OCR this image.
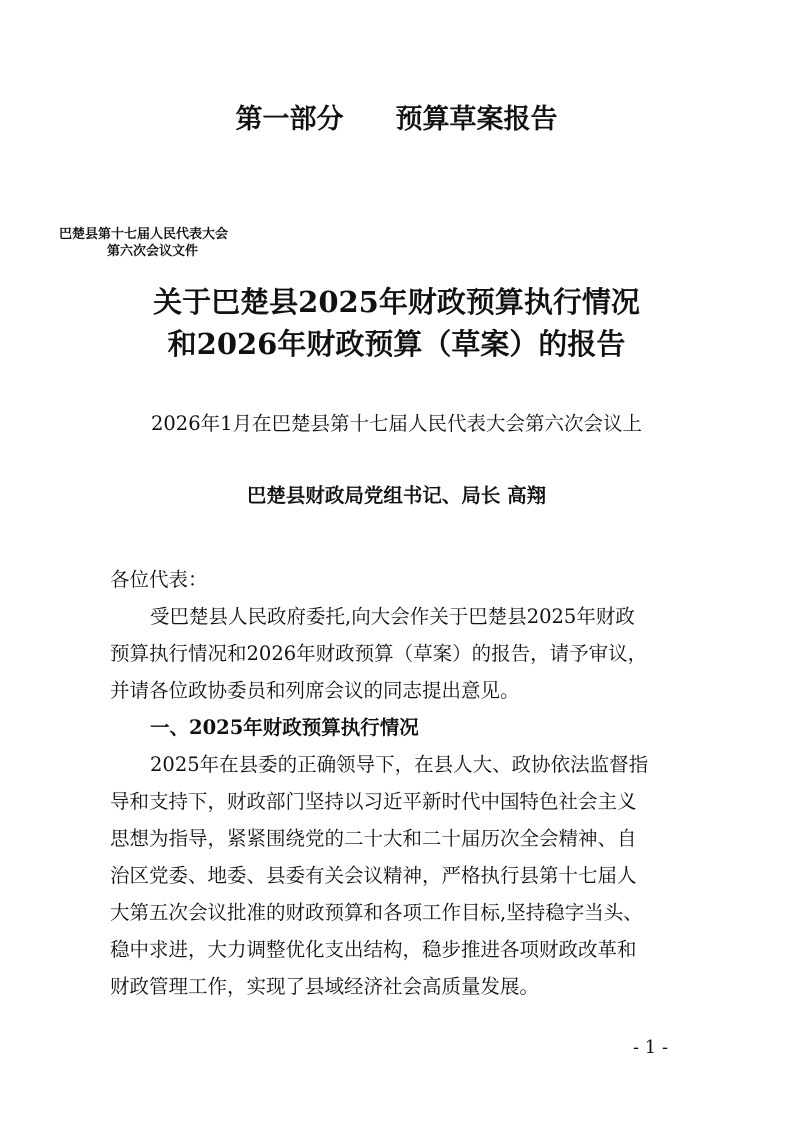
第一部分 预算草案报告

巴楚县第十七届人民代表大会

第六次会议文件

关于巴楚县2025年财政预算执行情况
和2026年财政预算（草案）的报告

2026年1月在巴楚县第十七届人民代表大会第六次会议上

巴楚县财政局党组书记、局长 高翔

各位代表：

受巴楚县人民政府委托,向大会作关于巴楚县2025年财政

预算执行情况和2026年财政预算（草案）的报告，请予审议，

并请各位政协委员和列席会议的同志提出意见。

一、2025年财政预算执行情况

2025年在县委的正确领导下，在县人大、政协依法监督指

导和支持下，财政部门坚持以习近平新时代中国特色社会主义

思想为指导，紧紧围绕党的二十大和二十届历次全会精神、自

治区党委、地委、县委有关会议精神，严格执行县第十七届人

大第五次会议批准的财政预算和各项工作目标,坚持稳字当头、

稳中求进，大力调整优化支出结构，稳步推进各项财政改革和

财政管理工作，实现了县域经济社会高质量发展。

- 1 -
